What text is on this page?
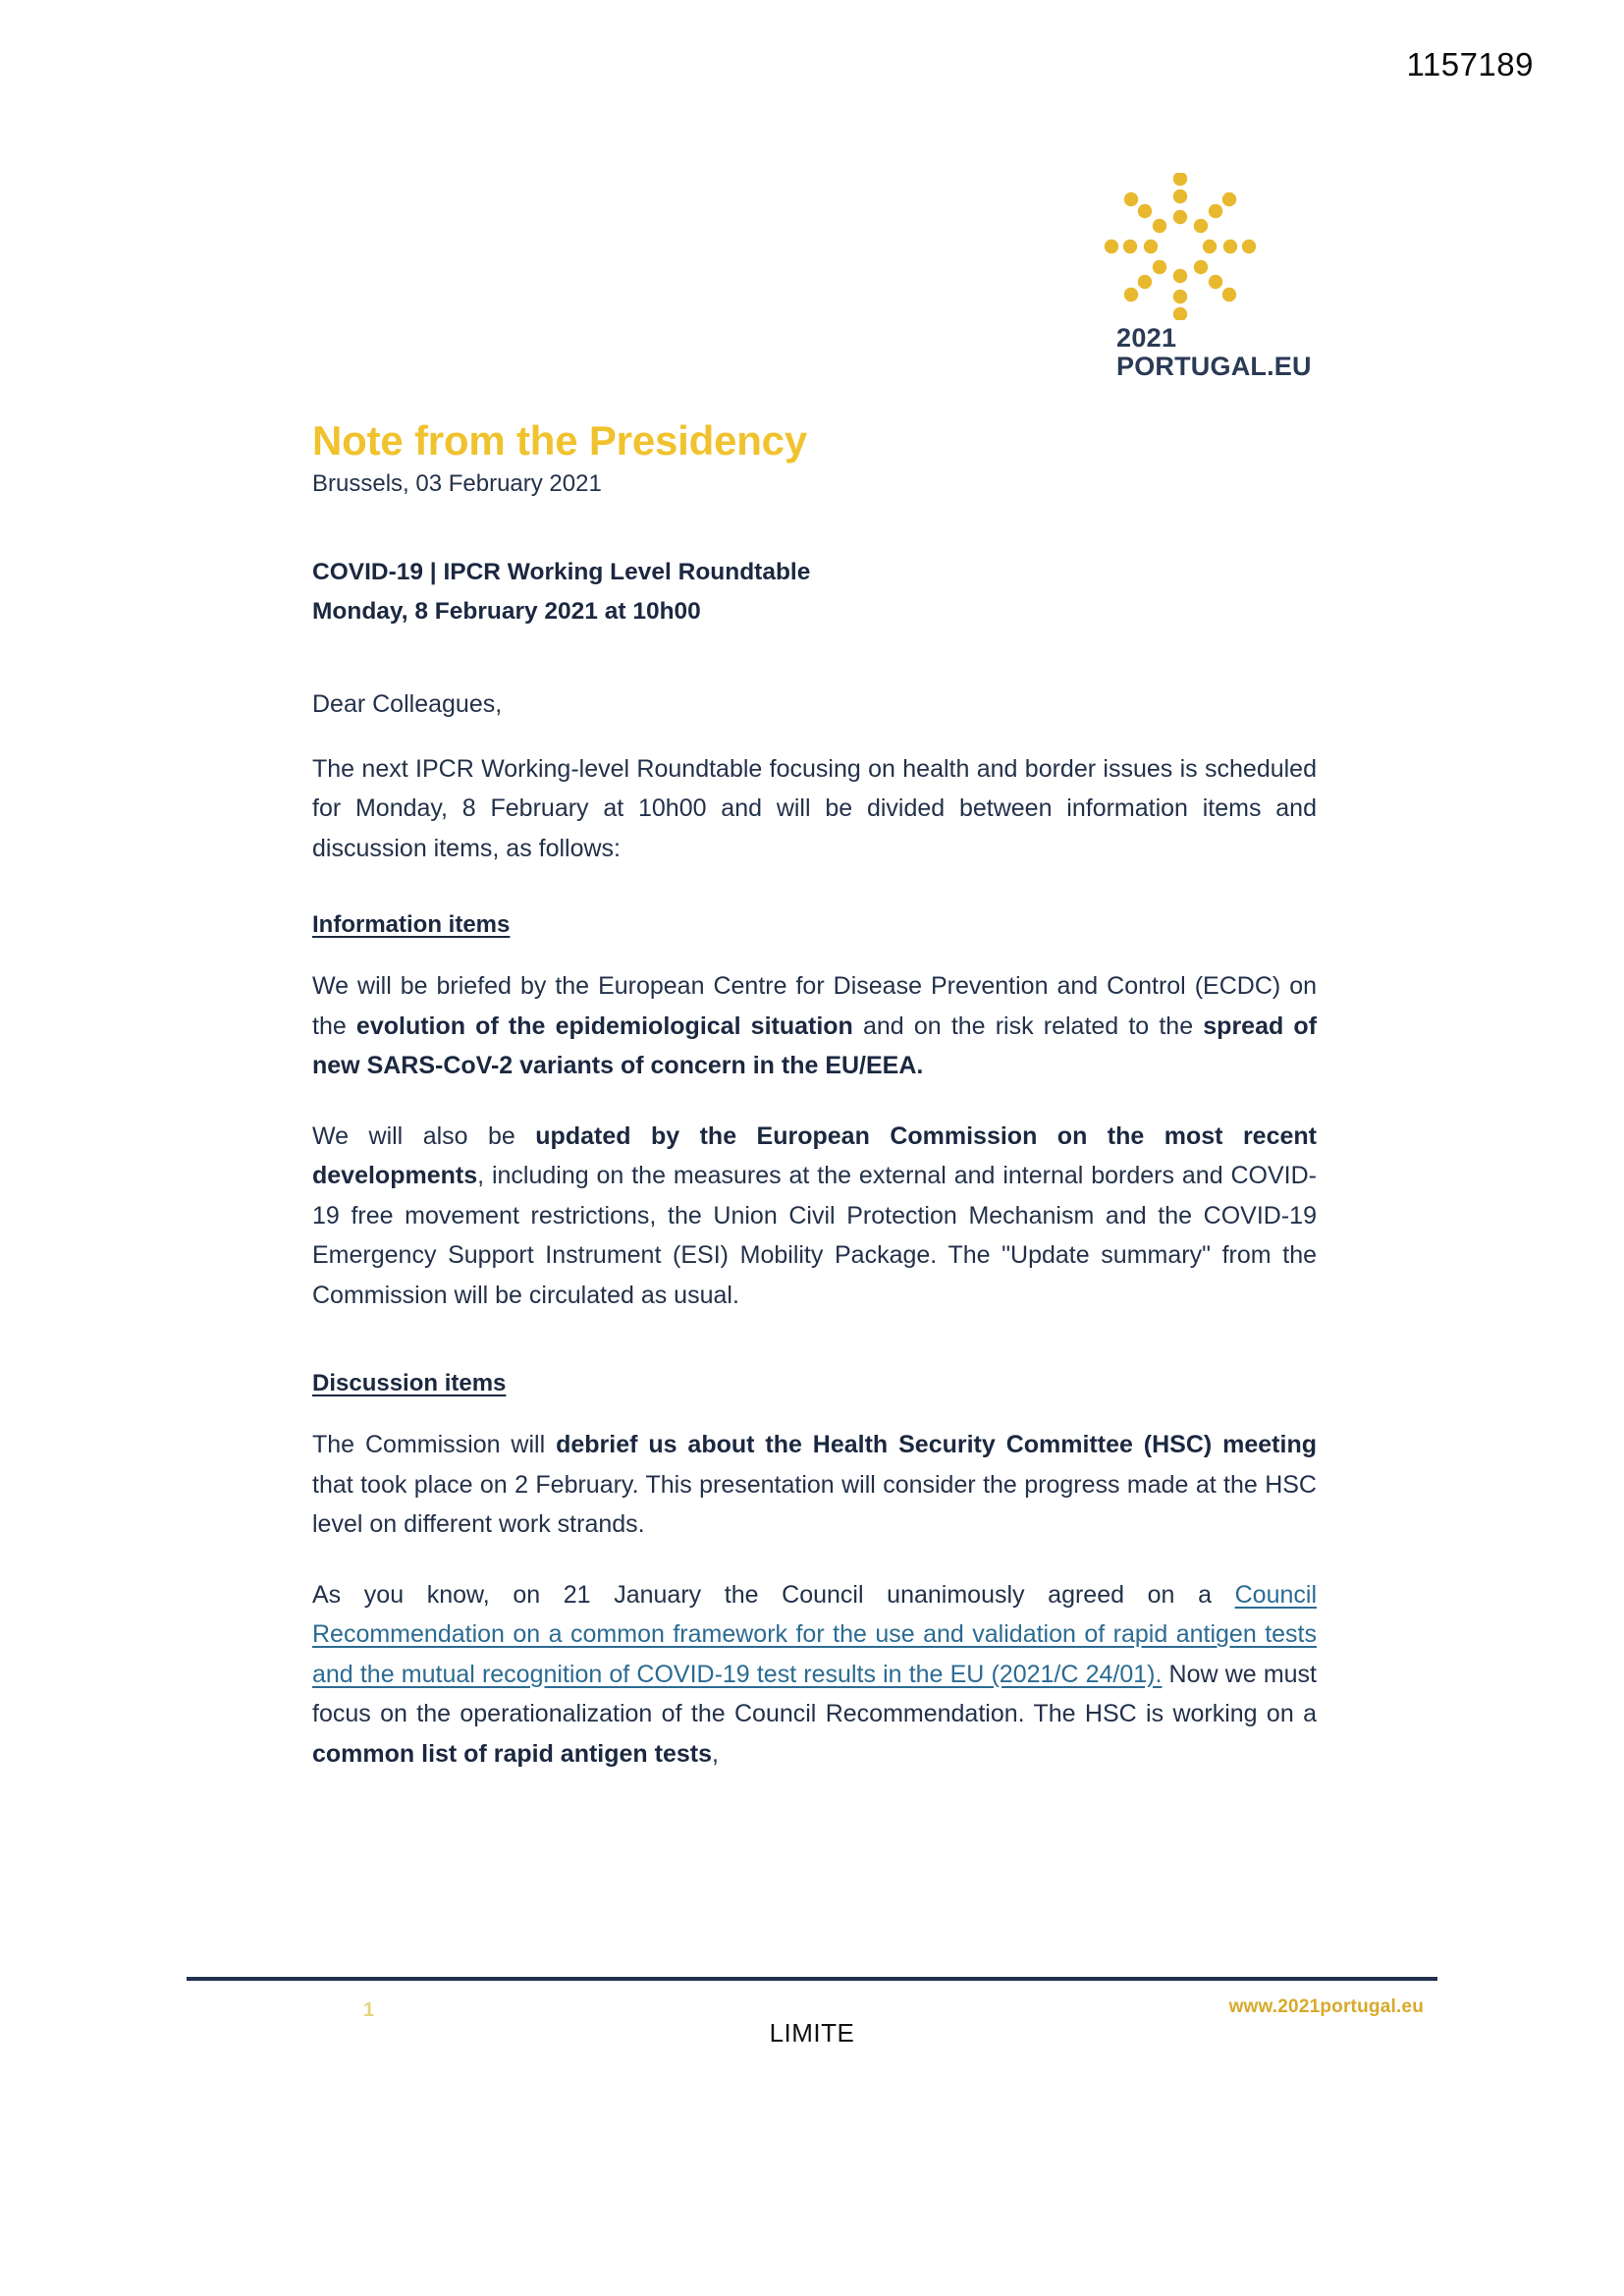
1157189
2021
PORTUGAL.EU
Note from the Presidency
Brussels, 03 February 2021
COVID-19 | IPCR Working Level Roundtable
Monday, 8 February 2021 at 10h00

Dear Colleagues,

The next IPCR Working-level Roundtable focusing on health and border issues is scheduled for Monday, 8 February at 10h00 and will be divided between information items and discussion items, as follows:

Information items

We will be briefed by the European Centre for Disease Prevention and Control (ECDC) on the evolution of the epidemiological situation and on the risk related to the spread of new SARS-CoV-2 variants of concern in the EU/EEA.

We will also be updated by the European Commission on the most recent developments, including on the measures at the external and internal borders and COVID-19 free movement restrictions, the Union Civil Protection Mechanism and the COVID-19 Emergency Support Instrument (ESI) Mobility Package. The "Update summary" from the Commission will be circulated as usual.

Discussion items

The Commission will debrief us about the Health Security Committee (HSC) meeting that took place on 2 February. This presentation will consider the progress made at the HSC level on different work strands.

As you know, on 21 January the Council unanimously agreed on a Council Recommendation on a common framework for the use and validation of rapid antigen tests and the mutual recognition of COVID-19 test results in the EU (2021/C 24/01). Now we must focus on the operationalization of the Council Recommendation. The HSC is working on a common list of rapid antigen tests,

1
LIMITE
www.2021portugal.eu
